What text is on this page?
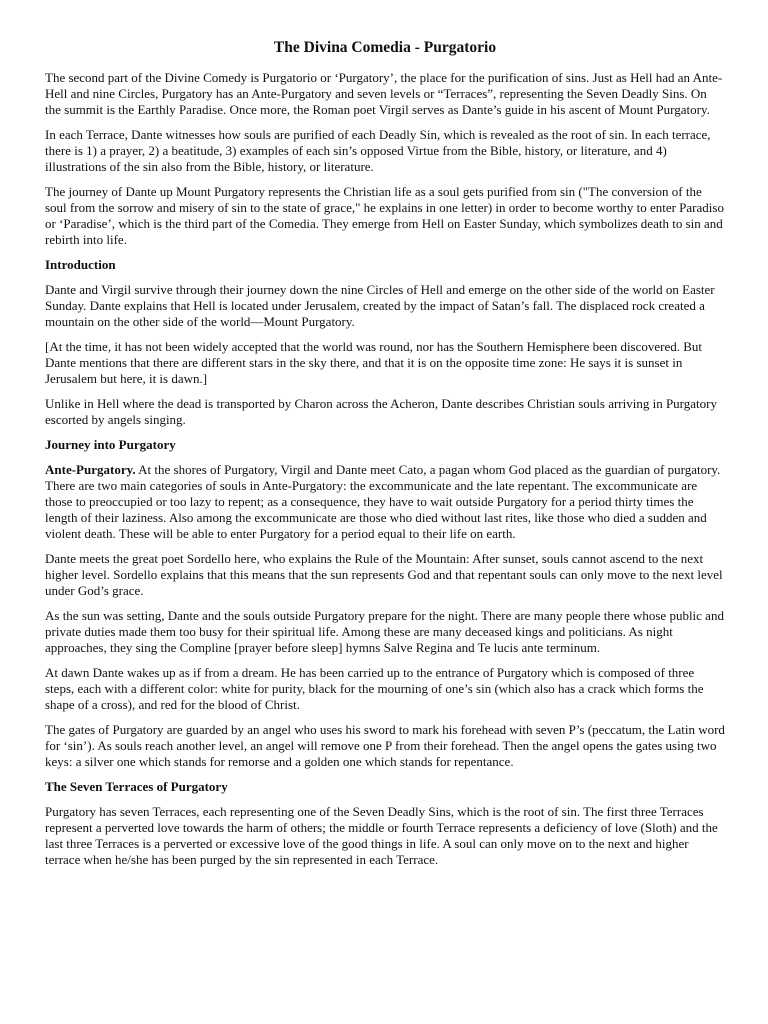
The Divina Comedia - Purgatorio

The second part of the Divine Comedy is Purgatorio or ‘Purgatory’, the place for the purification of sins. Just as Hell had an Ante-Hell and nine Circles, Purgatory has an Ante-Purgatory and seven levels or “Terraces”, representing the Seven Deadly Sins. On the summit is the Earthly Paradise. Once more, the Roman poet Virgil serves as Dante’s guide in his ascent of Mount Purgatory.

In each Terrace, Dante witnesses how souls are purified of each Deadly Sin, which is revealed as the root of sin. In each terrace, there is 1) a prayer, 2) a beatitude, 3) examples of each sin’s opposed Virtue from the Bible, history, or literature, and 4) illustrations of the sin also from the Bible, history, or literature.

The journey of Dante up Mount Purgatory represents the Christian life as a soul gets purified from sin ("The conversion of the soul from the sorrow and misery of sin to the state of grace," he explains in one letter) in order to become worthy to enter Paradiso or ‘Paradise’, which is the third part of the Comedia. They emerge from Hell on Easter Sunday, which symbolizes death to sin and rebirth into life.

Introduction

Dante and Virgil survive through their journey down the nine Circles of Hell and emerge on the other side of the world on Easter Sunday. Dante explains that Hell is located under Jerusalem, created by the impact of Satan’s fall. The displaced rock created a mountain on the other side of the world—Mount Purgatory.

[At the time, it has not been widely accepted that the world was round, nor has the Southern Hemisphere been discovered. But Dante mentions that there are different stars in the sky there, and that it is on the opposite time zone: He says it is sunset in Jerusalem but here, it is dawn.]

Unlike in Hell where the dead is transported by Charon across the Acheron, Dante describes Christian souls arriving in Purgatory escorted by angels singing.

Journey into Purgatory

Ante-Purgatory. At the shores of Purgatory, Virgil and Dante meet Cato, a pagan whom God placed as the guardian of purgatory. There are two main categories of souls in Ante-Purgatory: the excommunicate and the late repentant. The excommunicate are those to preoccupied or too lazy to repent; as a consequence, they have to wait outside Purgatory for a period thirty times the length of their laziness. Also among the excommunicate are those who died without last rites, like those who died a sudden and violent death. These will be able to enter Purgatory for a period equal to their life on earth.

Dante meets the great poet Sordello here, who explains the Rule of the Mountain: After sunset, souls cannot ascend to the next higher level. Sordello explains that this means that the sun represents God and that repentant souls can only move to the next level under God’s grace.

As the sun was setting, Dante and the souls outside Purgatory prepare for the night. There are many people there whose public and private duties made them too busy for their spiritual life. Among these are many deceased kings and politicians. As night approaches, they sing the Compline [prayer before sleep] hymns Salve Regina and Te lucis ante terminum.

At dawn Dante wakes up as if from a dream. He has been carried up to the entrance of Purgatory which is composed of three steps, each with a different color: white for purity, black for the mourning of one’s sin (which also has a crack which forms the shape of a cross), and red for the blood of Christ.

The gates of Purgatory are guarded by an angel who uses his sword to mark his forehead with seven P’s (peccatum, the Latin word for ‘sin’). As souls reach another level, an angel will remove one P from their forehead. Then the angel opens the gates using two keys: a silver one which stands for remorse and a golden one which stands for repentance.

The Seven Terraces of Purgatory

Purgatory has seven Terraces, each representing one of the Seven Deadly Sins, which is the root of sin. The first three Terraces represent a perverted love towards the harm of others; the middle or fourth Terrace represents a deficiency of love (Sloth) and the last three Terraces is a perverted or excessive love of the good things in life. A soul can only move on to the next and higher terrace when he/she has been purged by the sin represented in each Terrace.
